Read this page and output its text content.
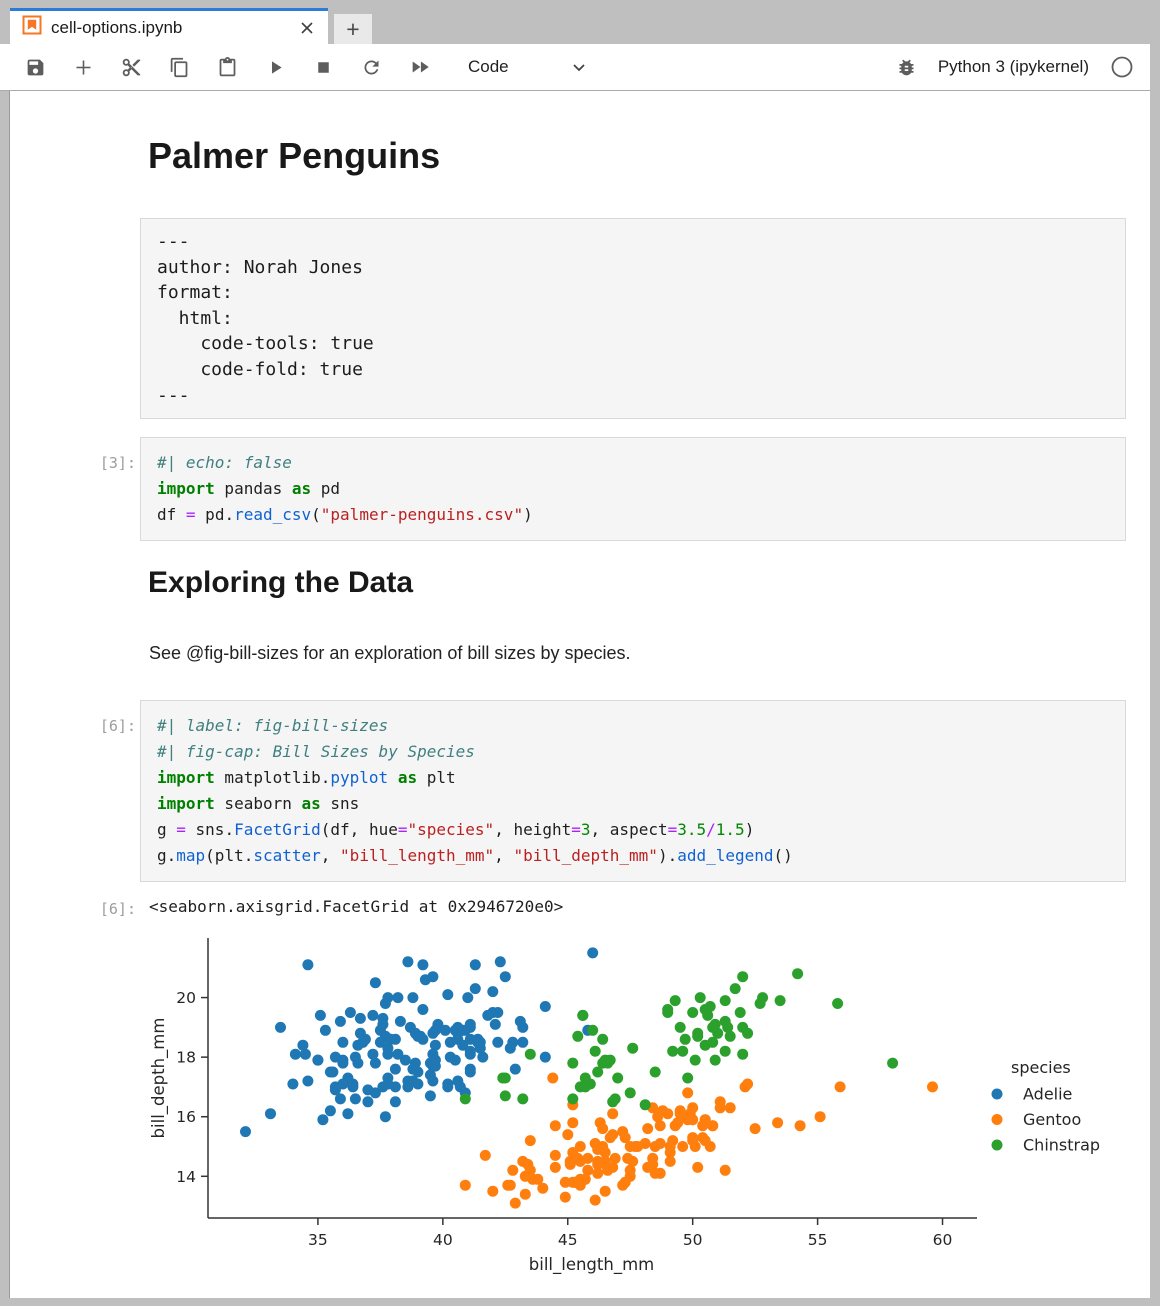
cell-options.ipynb	+
Code	Python 3 (ipykernel)
Palmer Penguins
---
author: Norah Jones
format:
html:
code-tools: true
code-fold: true
---
[3]: #| echo: false
import pandas as pd
df = pd.read_csv("palmer-penguins.csv")
Exploring the Data
See @fig-bill-sizes for an exploration of bill sizes by species.
[6]: #| label: fig-bill-sizes
#| fig-cap: Bill Sizes by Species
import matplotlib.pyplot as plt
import seaborn as sns
g = sns.FacetGrid(df, hue="species", height=3, aspect=3.5/1.5)
g.map(plt.scatter, "bill_length_mm", "bill_depth_mm").add_legend()
[6]: <seaborn.axisgrid.FacetGrid at 0x2946720e0>
35	40	45	50	55	60
14
16
18
20
bill_length_mm
bill_depth_mm	species
Adelie
Gentoo
Chinstrap
